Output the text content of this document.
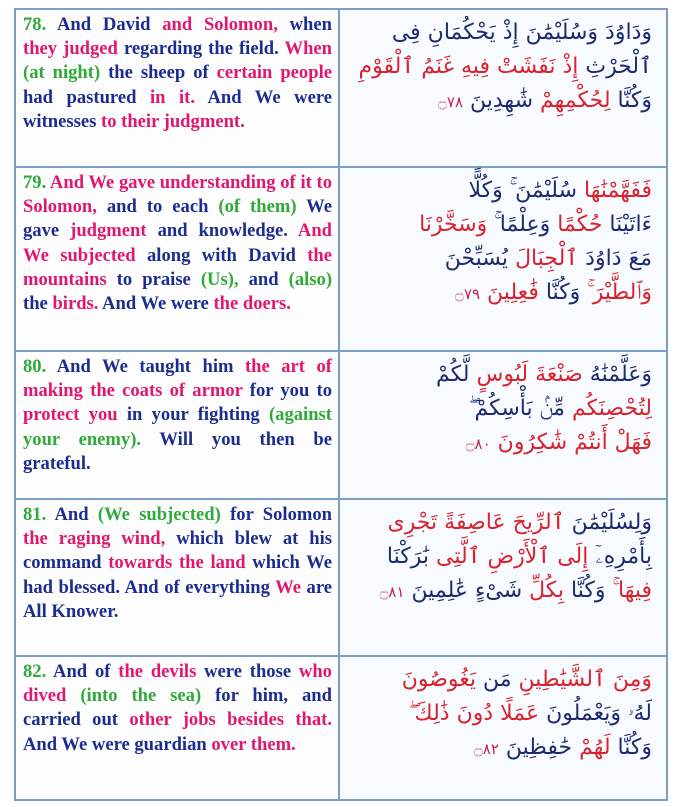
78. And David and Solomon, when they judged regarding the field. When (at night) the sheep of certain people had pastured in it. And We were witnesses to their judgment.
وَدَاوُدَ وَسُلَيْمَٰنَ إِذْ يَحْكُمَانِ فِى
ٱلْحَرْثِ إِذْ نَفَشَتْ فِيهِ غَنَمُ ٱلْقَوْمِ
وَكُنَّا لِحُكْمِهِمْ شَٰهِدِينَ ۝٧٨
79. And We gave understanding of it to Solomon, and to each (of them) We gave judgment and knowledge. And We subjected along with David the mountains to praise (Us), and (also) the birds. And We were the doers.
فَفَهَّمْنَٰهَا سُلَيْمَٰنَ ۚ وَكُلًّا
ءَاتَيْنَا حُكْمًا وَعِلْمًا ۚ وَسَخَّرْنَا
مَعَ دَاوُدَ ٱلْجِبَالَ يُسَبِّحْنَ
وَٱلطَّيْرَ ۚ وَكُنَّا فَٰعِلِينَ ۝٧٩
80. And We taught him the art of making the coats of armor for you to protect you in your fighting (against your enemy). Will you then be grateful.
وَعَلَّمْنَٰهُ صَنْعَةَ لَبُوسٍ لَّكُمْ
لِتُحْصِنَكُم مِّنۢ بَأْسِكُمْ ۖ
فَهَلْ أَنتُمْ شَٰكِرُونَ ۝٨٠
81. And (We subjected) for Solomon the raging wind, which blew at his command towards the land which We had blessed. And of everything We are All Knower.
وَلِسُلَيْمَٰنَ ٱلرِّيحَ عَاصِفَةً تَجْرِى
بِأَمْرِهِۦٓ إِلَى ٱلْأَرْضِ ٱلَّتِى بَٰرَكْنَا
فِيهَا ۚ وَكُنَّا بِكُلِّ شَىْءٍ عَٰلِمِينَ ۝٨١
82. And of the devils were those who dived (into the sea) for him, and carried out other jobs besides that. And We were guardian over them.
وَمِنَ ٱلشَّيَٰطِينِ مَن يَغُوصُونَ
لَهُۥ وَيَعْمَلُونَ عَمَلًا دُونَ ذَٰلِكَ ۖ
وَكُنَّا لَهُمْ حَٰفِظِينَ ۝٨٢
